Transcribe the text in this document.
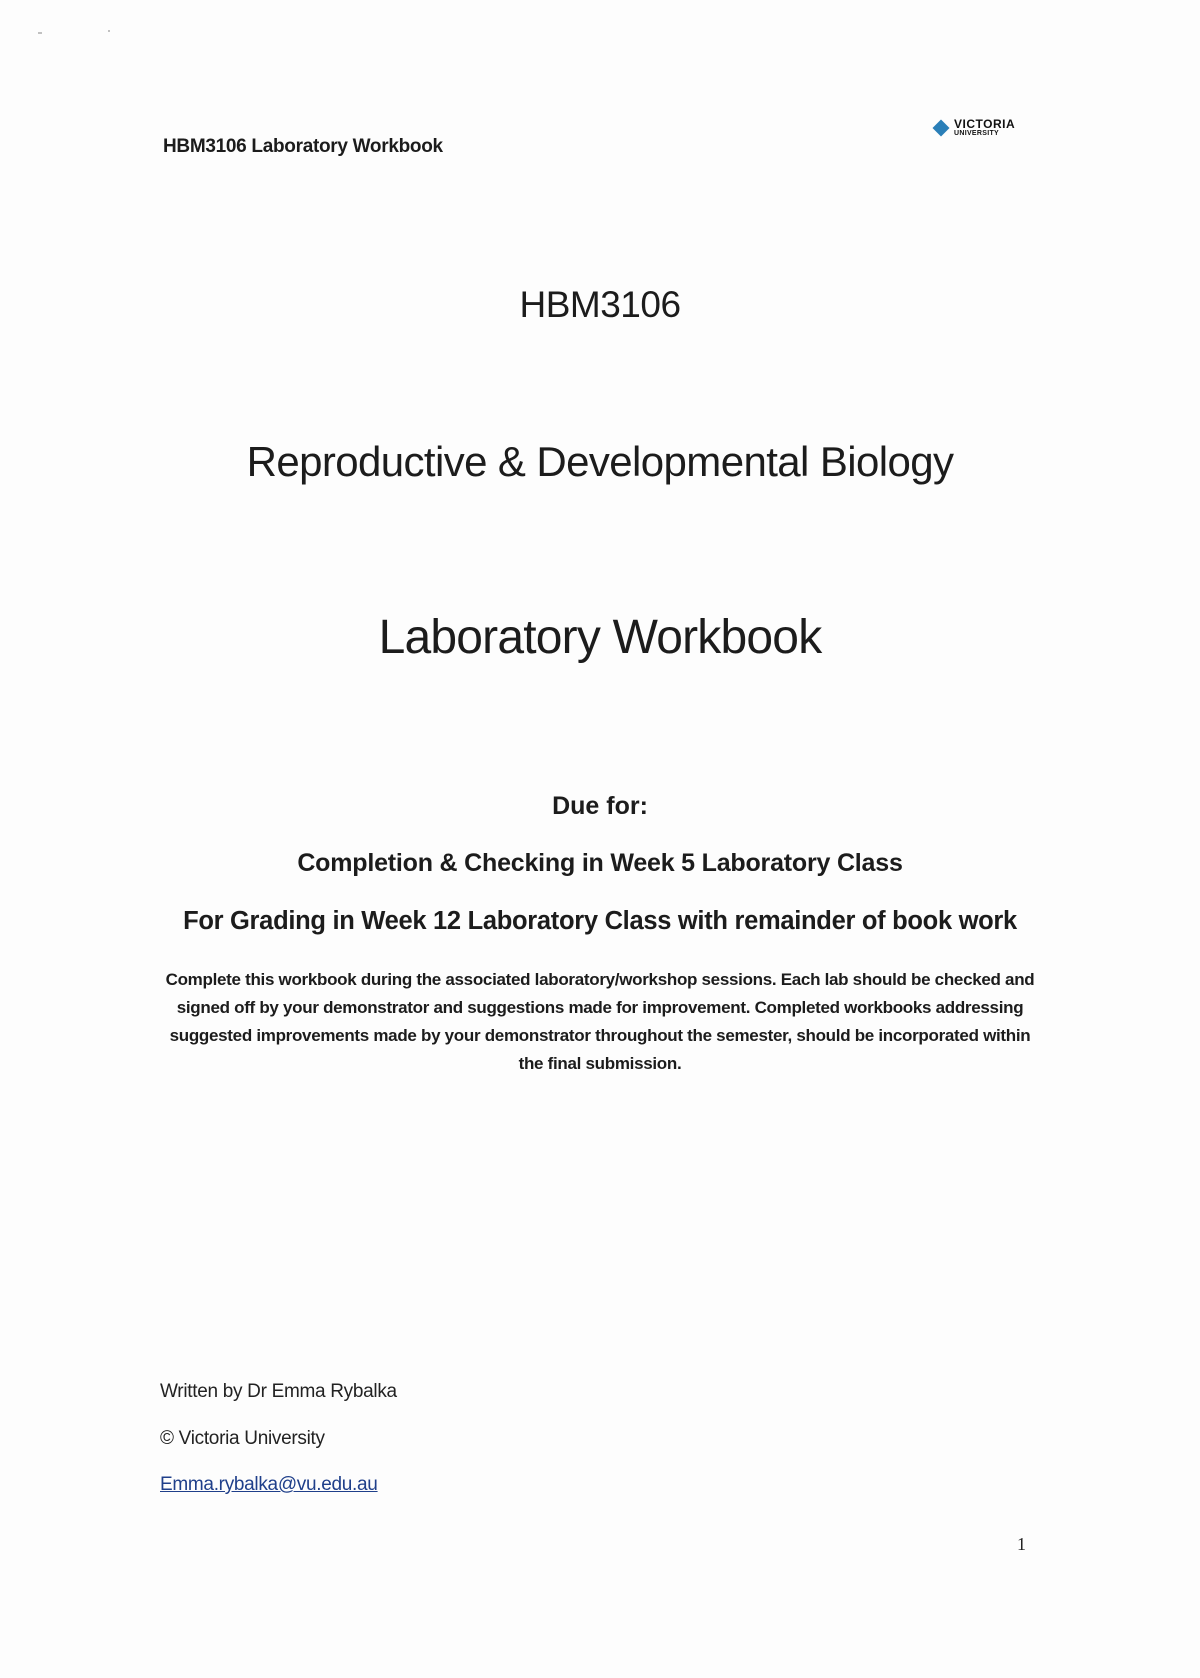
HBM3106 Laboratory Workbook
VICTORIA
UNIVERSITY
HBM3106
Reproductive & Developmental Biology
Laboratory Workbook
Due for:
Completion & Checking in Week 5 Laboratory Class
For Grading in Week 12 Laboratory Class with remainder of book work
Complete this workbook during the associated laboratory/workshop sessions. Each lab should be checked and signed off by your demonstrator and suggestions made for improvement. Completed workbooks addressing suggested improvements made by your demonstrator throughout the semester, should be incorporated within the final submission.
Written by Dr Emma Rybalka
© Victoria University
Emma.rybalka@vu.edu.au
1
